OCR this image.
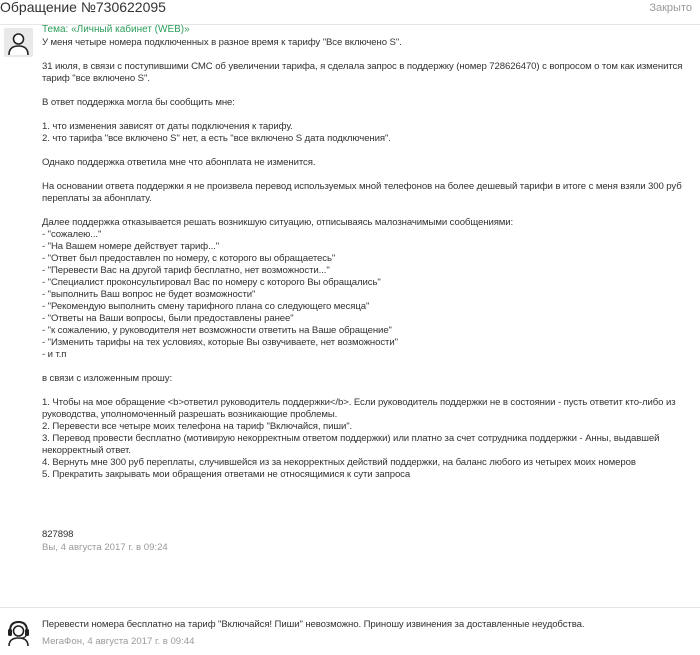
Обращение №730622095	Закрыто
Тема: «Личный кабинет (WEB)»
У меня четыре номера подключенных в разное время к тарифу "Все включено S".

31 июля, в связи с поступившими СМС об увеличении тарифа, я сделала запрос в поддержку (номер 728626470) с вопросом о том как изменится
тариф "все включено S".

В ответ поддержка могла бы сообщить мне:

1. что изменения зависят от даты подключения к тарифу.
2. что тарифа "все включено S" нет, а есть "все включено S дата подключения".

Однако поддержка ответила мне что абонплата не изменится.

На основании ответа поддержки я не произвела перевод используемых мной телефонов на более дешевый тарифи в итоге с меня взяли 300 руб
переплаты за абонплату.

Далее поддержка отказывается решать возникшую ситуацию, отписываясь малозначимыми сообщениями:
- "сожалею..."
- "На Вашем номере действует тариф..."
- "Ответ был предоставлен по номеру, с которого вы обращаетесь"
- "Перевести Вас на другой тариф бесплатно, нет возможности..."
- "Специалист проконсультировал Вас по номеру с которого Вы обращались"
- "выполнить Ваш вопрос не будет возможности"
- "Рекомендую выполнить смену тарифного плана со следующего месяца"
- "Ответы на Ваши вопросы, были предоставлены ранее"
- "к сожалению, у руководителя нет возможности ответить на Ваше обращение"
- "Изменить тарифы на тех условиях, которые Вы озвучиваете, нет возможности"
- и т.п

в связи с изложенным прошу:

1. Чтобы на мое обращение <b>ответил руководитель поддержки</b>. Если руководитель поддержки не в состоянии - пусть ответит кто-либо из
руководства, уполномоченный разрешать возникающие проблемы.
2. Перевести все четыре моих телефона на тариф "Включайся, пиши".
3. Перевод провести бесплатно (мотивирую некорректным ответом поддержки) или платно за счет сотрудника поддержки - Анны, выдавшей
некорректный ответ.
4. Вернуть мне 300 руб переплаты, случившейся из за некорректных действий поддержки, на баланс любого из четырех моих номеров
5. Прекратить закрывать мои обращения ответами не относящимися к сути запроса

827898
Вы, 4 августа 2017 г. в 09:24
Перевести номера бесплатно на тариф "Включайся! Пиши" невозможно. Приношу извинения за доставленные неудобства.
МегаФон, 4 августа 2017 г. в 09:44
